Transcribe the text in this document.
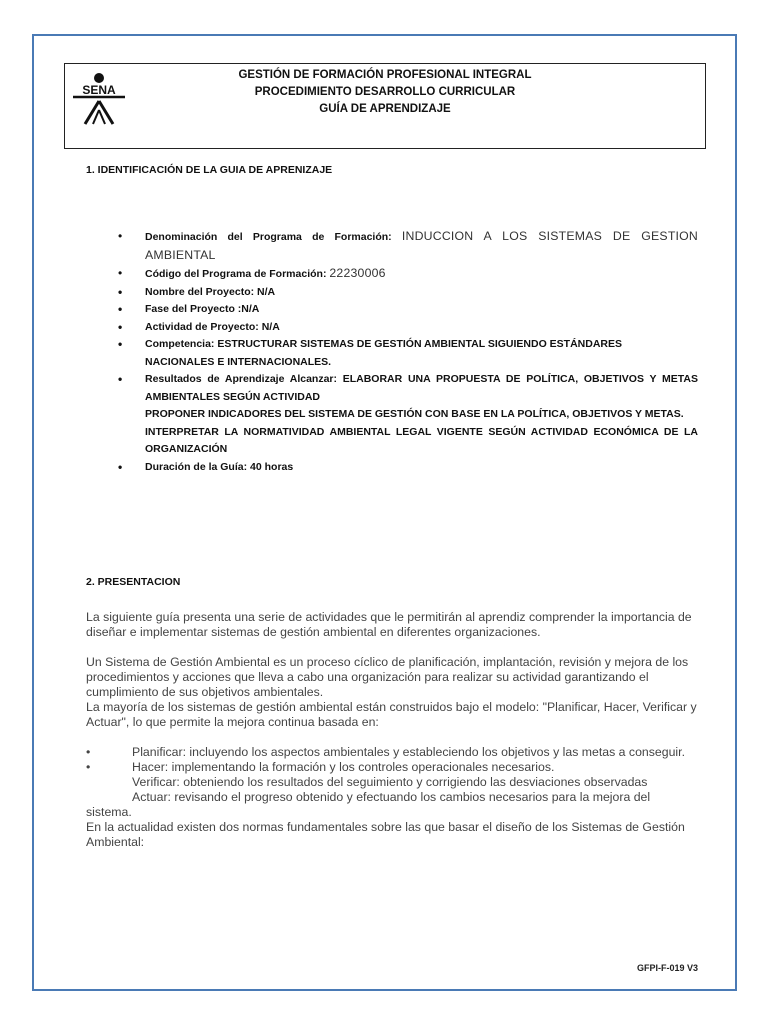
SENA
GESTIÓN DE FORMACIÓN PROFESIONAL INTEGRAL
PROCEDIMIENTO DESARROLLO CURRICULAR
GUÍA DE APRENDIZAJE
1. IDENTIFICACIÓN DE LA GUIA DE APRENIZAJE
• Denominación del Programa de Formación: INDUCCION A LOS SISTEMAS DE GESTION AMBIENTAL
• Código del Programa de Formación: 22230006
• Nombre del Proyecto: N/A
• Fase del Proyecto :N/A
• Actividad de Proyecto: N/A
• Competencia: ESTRUCTURAR SISTEMAS DE GESTIÓN AMBIENTAL SIGUIENDO ESTÁNDARES NACIONALES E INTERNACIONALES.
• Resultados de Aprendizaje Alcanzar: ELABORAR UNA PROPUESTA DE POLÍTICA, OBJETIVOS Y METAS AMBIENTALES SEGÚN ACTIVIDAD
PROPONER INDICADORES DEL SISTEMA DE GESTIÓN CON BASE EN LA POLÍTICA, OBJETIVOS Y METAS.
INTERPRETAR LA NORMATIVIDAD AMBIENTAL LEGAL VIGENTE SEGÚN ACTIVIDAD ECONÓMICA DE LA ORGANIZACIÓN
• Duración de la Guía: 40 horas
2. PRESENTACION

La siguiente guía presenta una serie de actividades que le permitirán al aprendiz comprender la importancia de diseñar e implementar sistemas de gestión ambiental en diferentes organizaciones.

Un Sistema de Gestión Ambiental es un proceso cíclico de planificación, implantación, revisión y mejora de los procedimientos y acciones que lleva a cabo una organización para realizar su actividad garantizando el cumplimiento de sus objetivos ambientales.

La mayoría de los sistemas de gestión ambiental están construidos bajo el modelo: "Planificar, Hacer, Verificar y Actuar", lo que permite la mejora continua basada en:

•	Planificar: incluyendo los aspectos ambientales y estableciendo los objetivos y las metas a conseguir.
•	Hacer: implementando la formación y los controles operacionales necesarios.
Verificar: obteniendo los resultados del seguimiento y corrigiendo las desviaciones observadas
Actuar: revisando el progreso obtenido y efectuando los cambios necesarios para la mejora del sistema.

En la actualidad existen dos normas fundamentales sobre las que basar el diseño de los Sistemas de Gestión Ambiental:

GFPI-F-019 V3
